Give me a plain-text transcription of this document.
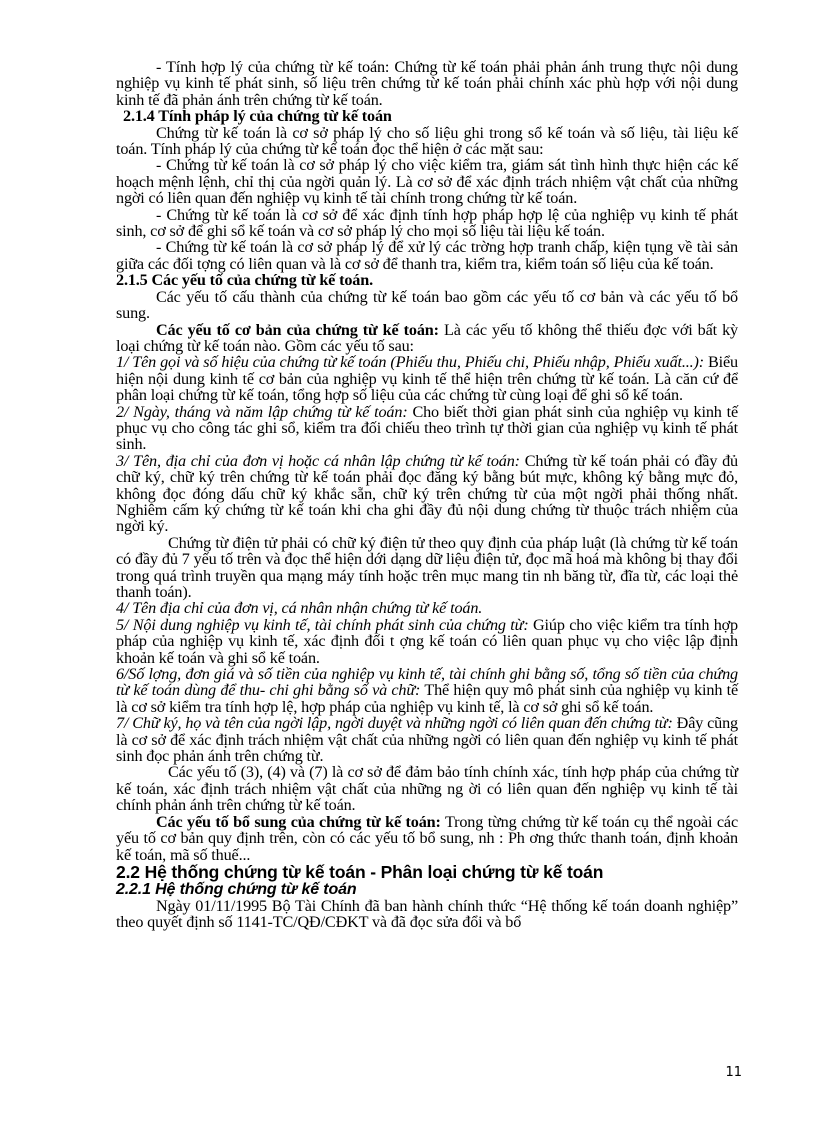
- Tính hợp lý của chứng từ kế toán: Chứng từ kế toán phải phản ánh trung thực nội dung nghiệp vụ kinh tế phát sinh, số liệu trên chứng từ kế toán phải chính xác phù hợp với nội dung kinh tế đã phản ánh trên chứng từ kế toán.

2.1.4 Tính pháp lý của chứng từ kế toán

Chứng từ kế toán là cơ sở pháp lý cho số liệu ghi trong sổ kế toán và số liệu, tài liệu kế toán. Tính pháp lý của chứng từ kế toán đọc thể hiện ở các mặt sau:

- Chứng từ kế toán là cơ sở pháp lý cho việc kiểm tra, giám sát tình hình thực hiện các kế hoạch mệnh lệnh, chỉ thị của ngời quản lý. Là cơ sở để xác định trách nhiệm vật chất của những ngời có liên quan đến nghiệp vụ kinh tế tài chính trong chứng từ kế toán.

- Chứng từ kế toán là cơ sở để xác định tính hợp pháp hợp lệ của nghiệp vụ kinh tế phát sinh, cơ sở để ghi sổ kế toán và cơ sở pháp lý cho mọi số liệu tài liệu kế toán.

- Chứng từ kế toán là cơ sở pháp lý để xử lý các trờng hợp tranh chấp, kiện tụng về tài sản giữa các đối tợng có liên quan và là cơ sở để thanh tra, kiểm tra, kiểm toán số liệu của kế toán.

2.1.5 Các yếu tố của chứng từ kế toán.

Các yếu tố cấu thành của chứng từ kế toán bao gồm các yếu tố cơ bản và các yếu tố bổ sung.

Các yếu tố cơ bản của chứng từ kế toán: Là các yếu tố không thể thiếu đợc với bất kỳ loại chứng từ kế toán nào. Gồm các yếu tố sau:

1/ Tên gọi và số hiệu của chứng từ kế toán (Phiếu thu, Phiếu chi, Phiếu nhập, Phiếu xuất...): Biểu hiện nội dung kinh tế cơ bản của nghiệp vụ kinh tế thể hiện trên chứng từ kế toán. Là căn cứ để phân loại chứng từ kế toán, tổng hợp số liệu của các chứng từ cùng loại để ghi sổ kế toán.

2/ Ngày, tháng và năm lập chứng từ kế toán: Cho biết thời gian phát sinh của nghiệp vụ kinh tế phục vụ cho công tác ghi sổ, kiểm tra đối chiếu theo trình tự thời gian của nghiệp vụ kinh tế phát sinh.

3/ Tên, địa chỉ của đơn vị hoặc cá nhân lập chứng từ kế toán: Chứng từ kế toán phải có đầy đủ chữ ký, chữ ký trên chứng từ kế toán phải đọc đăng ký bằng bút mực, không ký bằng mực đỏ, không đọc đóng dấu chữ ký khắc sẵn, chữ ký trên chứng từ của một ngời phải thống nhất. Nghiêm cấm ký chứng từ kế toán khi cha ghi đầy đủ nội dung chứng từ thuộc trách nhiệm của ngời ký.

Chứng từ điện tử phải có chữ ký điện tử theo quy định của pháp luật (là chứng từ kế toán có đầy đủ 7 yếu tố trên và đọc thể hiện dới dạng dữ liệu điện tử, đọc mã hoá mà không bị thay đổi trong quá trình truyền qua mạng máy tính hoặc trên mục mang tin nh băng từ, đĩa từ, các loại thẻ thanh toán).

4/ Tên địa chỉ của đơn vị, cá nhân nhận chứng từ kế toán.

5/ Nội dung nghiệp vụ kinh tế, tài chính phát sinh của chứng từ: Giúp cho việc kiểm tra tính hợp pháp của nghiệp vụ kinh tế, xác định đối t ợng kế toán có liên quan phục vụ cho việc lập định khoản kế toán và ghi sổ kế toán.

6/Số lợng, đơn giá và số tiền của nghiệp vụ kinh tế, tài chính ghi bằng số, tổng số tiền của chứng từ kế toán dùng để thu- chi ghi bằng số và chữ: Thể hiện quy mô phát sinh của nghiệp vụ kinh tế là cơ sở kiểm tra tính hợp lệ, hợp pháp của nghiệp vụ kinh tế, là cơ sở ghi sổ kế toán.

7/ Chữ ký, họ và tên của ngời lập, ngời duyệt và những ngời có liên quan đến chứng từ: Đây cũng là cơ sở để xác định trách nhiệm vật chất của những ngời có liên quan đến nghiệp vụ kinh tế phát sinh đọc phản ánh trên chứng từ.

Các yếu tố (3), (4) và (7) là cơ sở để đảm bảo tính chính xác, tính hợp pháp của chứng từ kế toán, xác định trách nhiệm vật chất của những ng ời có liên quan đến nghiệp vụ kinh tế tài chính phản ánh trên chứng từ kế toán.

Các yếu tố bổ sung của chứng từ kế toán: Trong từng chứng từ kế toán cụ thể ngoài các yếu tố cơ bản quy định trên, còn có các yếu tố bổ sung, nh : Ph ơng thức thanh toán, định khoản kế toán, mã số thuế...

2.2 Hệ thống chứng từ kế toán - Phân loại chứng từ kế toán

2.2.1 Hệ thống chứng từ kế toán

Ngày 01/11/1995 Bộ Tài Chính đã ban hành chính thức “Hệ thống kế toán doanh nghiệp” theo quyết định số 1141-TC/QĐ/CĐKT và đã đọc sửa đổi và bổ

11
